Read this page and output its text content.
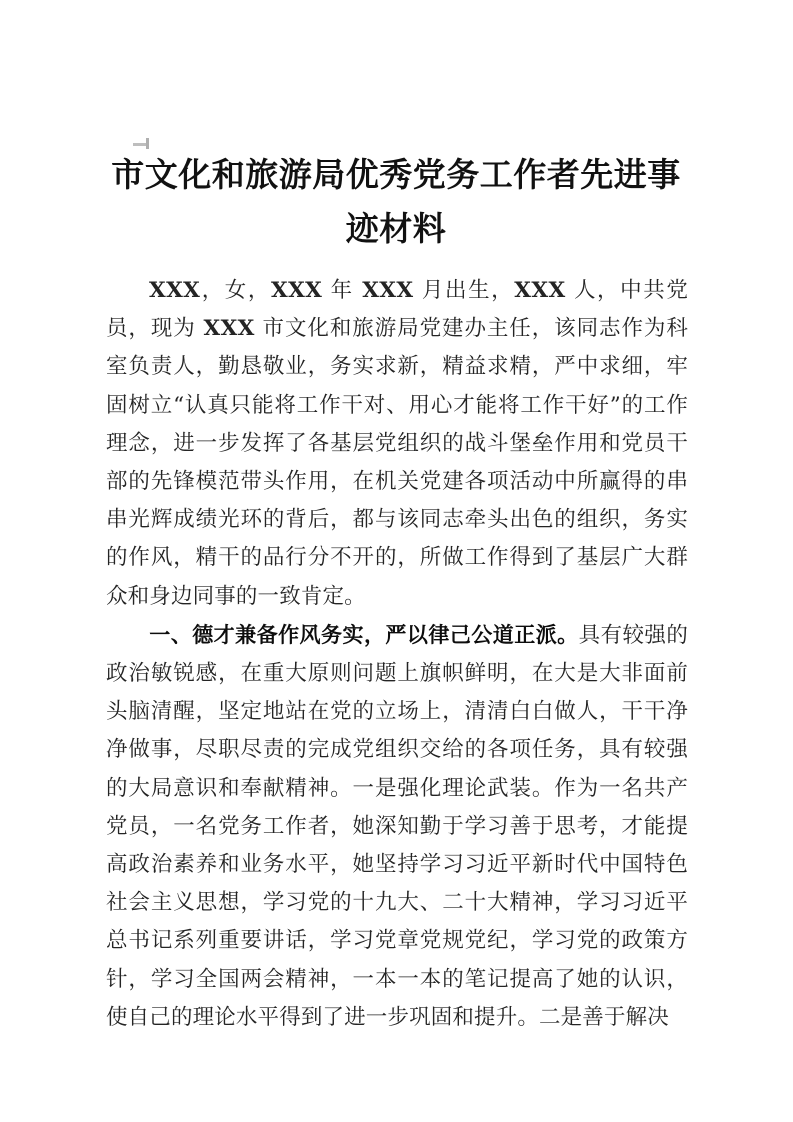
市文化和旅游局优秀党务工作者先进事迹材料

XXX，女，XXX 年 XXX 月出生，XXX 人，中共党员，现为 XXX 市文化和旅游局党建办主任，该同志作为科室负责人，勤恳敬业，务实求新，精益求精，严中求细，牢固树立“认真只能将工作干对、用心才能将工作干好”的工作理念，进一步发挥了各基层党组织的战斗堡垒作用和党员干部的先锋模范带头作用，在机关党建各项活动中所赢得的串串光辉成绩光环的背后，都与该同志牵头出色的组织，务实的作风，精干的品行分不开的，所做工作得到了基层广大群众和身边同事的一致肯定。

一、德才兼备作风务实，严以律己公道正派。具有较强的政治敏锐感，在重大原则问题上旗帜鲜明，在大是大非面前头脑清醒，坚定地站在党的立场上，清清白白做人，干干净净做事，尽职尽责的完成党组织交给的各项任务，具有较强的大局意识和奉献精神。一是强化理论武装。作为一名共产党员，一名党务工作者，她深知勤于学习善于思考，才能提高政治素养和业务水平，她坚持学习习近平新时代中国特色社会主义思想，学习党的十九大、二十大精神，学习习近平总书记系列重要讲话，学习党章党规党纪，学习党的政策方针，学习全国两会精神，一本一本的笔记提高了她的认识，使自己的理论水平得到了进一步巩固和提升。二是善于解决
